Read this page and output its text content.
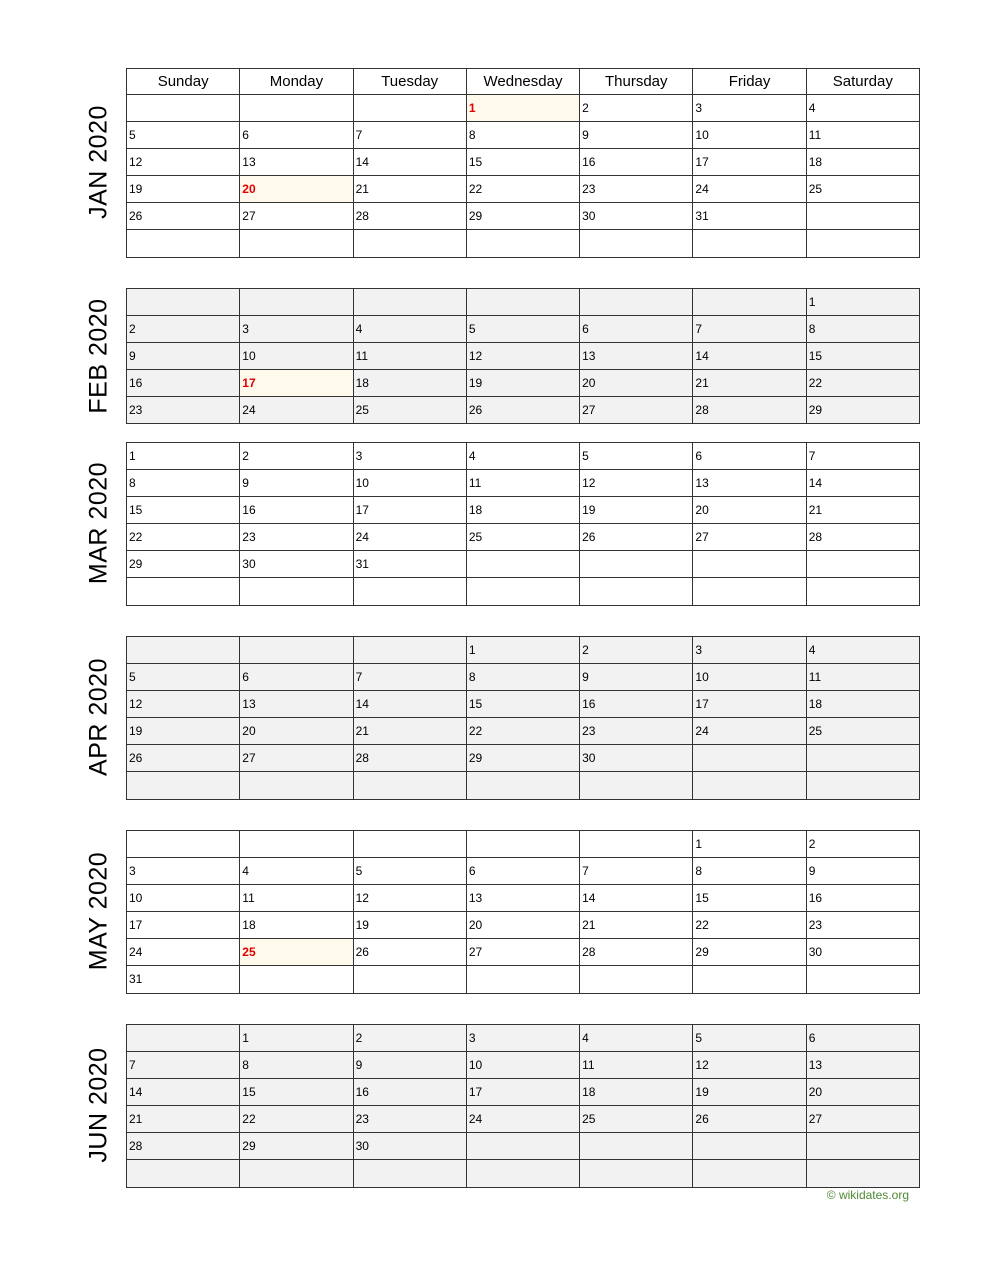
Sunday	Monday	Tuesday	Wednesday	Thursday	Friday	Saturday

			1	2	3	4

5	6	7	8	9	10	11

12	13	14	15	16	17	18

19	20	21	22	23	24	25

26	27	28	29	30	31	

JAN 2020

						1

2	3	4	5	6	7	8

9	10	11	12	13	14	15

16	17	18	19	20	21	22

23	24	25	26	27	28	29
FEB 2020
1	2	3	4	5	6	7

8	9	10	11	12	13	14

15	16	17	18	19	20	21

22	23	24	25	26	27	28

29	30	31				

MAR 2020

			1	2	3	4

5	6	7	8	9	10	11

12	13	14	15	16	17	18

19	20	21	22	23	24	25

26	27	28	29	30		

APR 2020

					1	2

3	4	5	6	7	8	9

10	11	12	13	14	15	16

17	18	19	20	21	22	23

24	25	26	27	28	29	30

31						

MAY 2020

	1	2	3	4	5	6

7	8	9	10	11	12	13

14	15	16	17	18	19	20

21	22	23	24	25	26	27

28	29	30				

JUN 2020
© wikidates.org
